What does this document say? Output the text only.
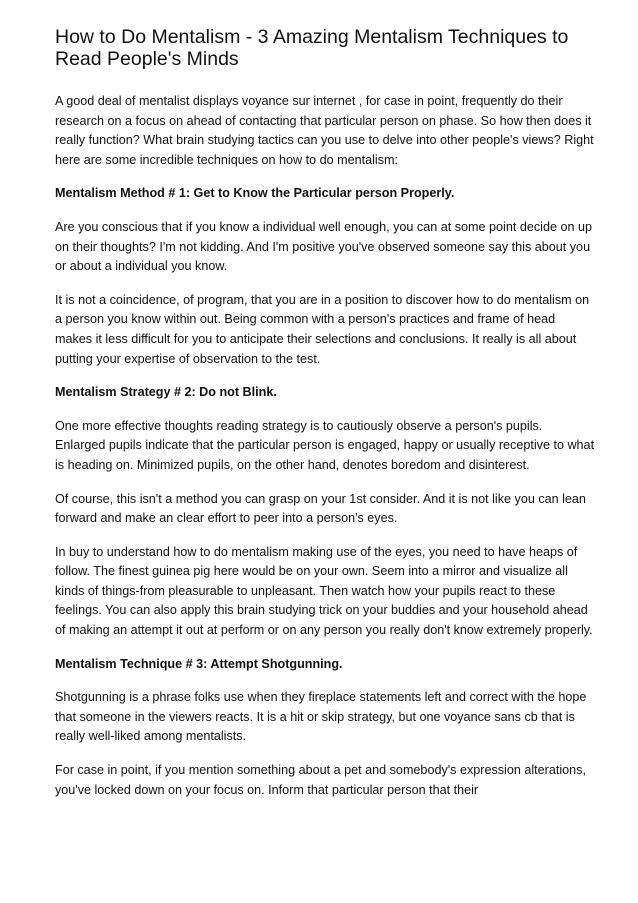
How to Do Mentalism - 3 Amazing Mentalism Techniques to Read People's Minds

A good deal of mentalist displays voyance sur internet , for case in point, frequently do their research on a focus on ahead of contacting that particular person on phase. So how then does it really function? What brain studying tactics can you use to delve into other people's views? Right here are some incredible techniques on how to do mentalism:

Mentalism Method # 1: Get to Know the Particular person Properly.

Are you conscious that if you know a individual well enough, you can at some point decide on up on their thoughts? I'm not kidding. And I'm positive you've observed someone say this about you or about a individual you know.

It is not a coincidence, of program, that you are in a position to discover how to do mentalism on a person you know within out. Being common with a person's practices and frame of head makes it less difficult for you to anticipate their selections and conclusions. It really is all about putting your expertise of observation to the test.

Mentalism Strategy # 2: Do not Blink.

One more effective thoughts reading strategy is to cautiously observe a person's pupils. Enlarged pupils indicate that the particular person is engaged, happy or usually receptive to what is heading on. Minimized pupils, on the other hand, denotes boredom and disinterest.

Of course, this isn't a method you can grasp on your 1st consider. And it is not like you can lean forward and make an clear effort to peer into a person's eyes.

In buy to understand how to do mentalism making use of the eyes, you need to have heaps of follow. The finest guinea pig here would be on your own. Seem into a mirror and visualize all kinds of things-from pleasurable to unpleasant. Then watch how your pupils react to these feelings. You can also apply this brain studying trick on your buddies and your household ahead of making an attempt it out at perform or on any person you really don't know extremely properly.

Mentalism Technique # 3: Attempt Shotgunning.

Shotgunning is a phrase folks use when they fireplace statements left and correct with the hope that someone in the viewers reacts. It is a hit or skip strategy, but one voyance sans cb that is really well-liked among mentalists.

For case in point, if you mention something about a pet and somebody's expression alterations, you've locked down on your focus on. Inform that particular person that their
